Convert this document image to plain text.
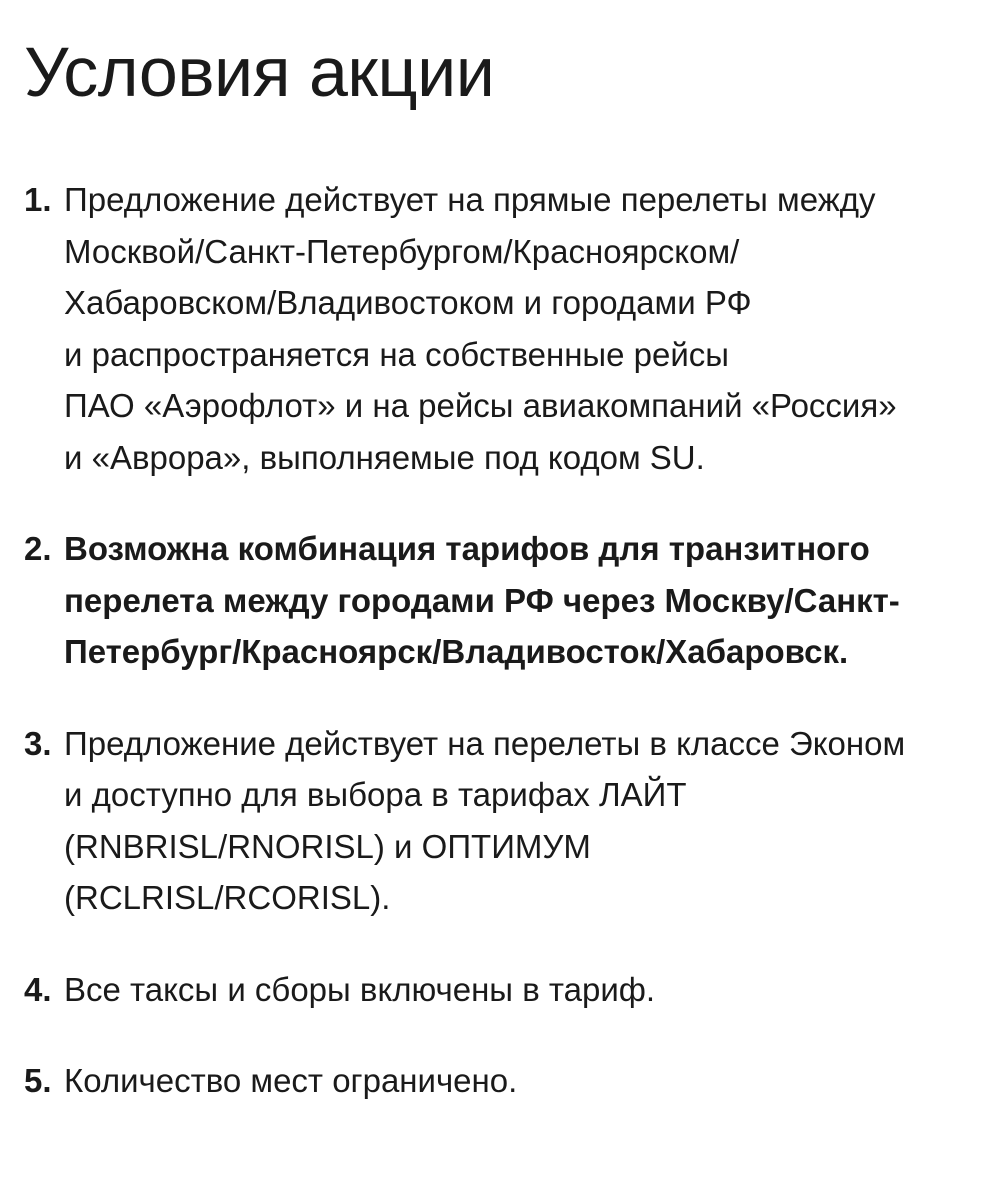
Условия акции
1. Предложение действует на прямые перелеты между
Москвой/Санкт-Петербургом/Красноярском/
Хабаровском/Владивостоком и городами РФ
и распространяется на собственные рейсы
ПАО «Аэрофлот» и на рейсы авиакомпаний «Россия»
и «Аврора», выполняемые под кодом SU.
2. Возможна комбинация тарифов для транзитного
перелета между городами РФ через Москву/Санкт-
Петербург/Красноярск/Владивосток/Хабаровск.
3. Предложение действует на перелеты в классе Эконом
и доступно для выбора в тарифах ЛАЙТ
(RNBRISL/RNORISL) и ОПТИМУМ
(RCLRISL/RCORISL).
4. Все таксы и сборы включены в тариф.
5. Количество мест ограничено.
